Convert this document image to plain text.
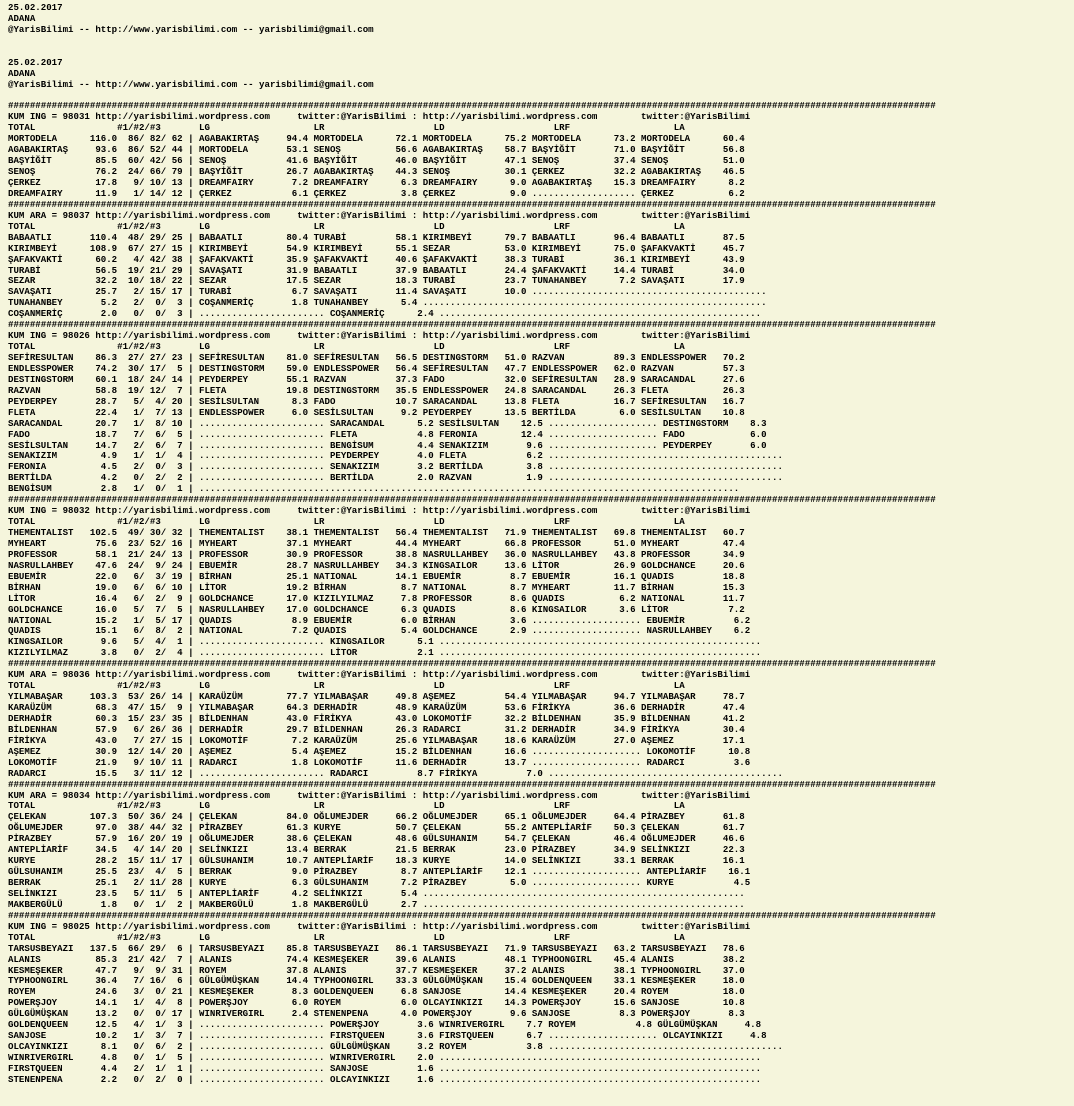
25.02.2017
ADANA
@YarisBilimi -- http://www.yarisbilimi.com -- yarisbilimi@gmail.com

25.02.2017
ADANA
@YarisBilimi -- http://www.yarisbilimi.com -- yarisbilimi@gmail.com

##########################################################################################################################################################################
KUM ING = 98031 http://yarisbilimi.wordpress.com     twitter:@YarisBilimi : http://yarisbilimi.wordpress.com        twitter:@YarisBilimi
TOTAL               #1/#2/#3       LG                   LR                    LD                    LRF                   LA
MORTODELA      116.0  86/ 82/ 62 | AGABAKIRTAŞ     94.4 MORTODELA      72.1 MORTODELA      75.2 MORTODELA      73.2 MORTODELA      60.4
AGABAKIRTAŞ     93.6  86/ 52/ 44 | MORTODELA       53.1 SENOŞ          56.6 AGABAKIRTAŞ    58.7 BAŞYİĞİT       71.0 BAŞYİĞİT       56.8
BAŞYİĞİT        85.5  60/ 42/ 56 | SENOŞ           41.6 BAŞYİĞİT       46.0 BAŞYİĞİT       47.1 SENOŞ          37.4 SENOŞ          51.0
SENOŞ           76.2  24/ 66/ 79 | BAŞYİĞİT        26.7 AGABAKIRTAŞ    44.3 SENOŞ          30.1 ÇERKEZ         32.2 AGABAKIRTAŞ    46.5
ÇERKEZ          17.8   9/ 10/ 13 | DREAMFAIRY       7.2 DREAMFAIRY      6.3 DREAMFAIRY      9.0 AGABAKIRTAŞ    15.3 DREAMFAIRY      8.2
DREAMFAIRY      11.9   1/ 14/ 12 | ÇERKEZ           6.1 ÇERKEZ          3.8 ÇERKEZ          9.0 ................... ÇERKEZ          6.2
##########################################################################################################################################################################
KUM ARA = 98037 http://yarisbilimi.wordpress.com     twitter:@YarisBilimi : http://yarisbilimi.wordpress.com        twitter:@YarisBilimi
TOTAL               #1/#2/#3       LG                   LR                    LD                    LRF                   LA
BABAATLI       110.4  48/ 29/ 25 | BABAATLI        80.4 TURABİ         58.1 KIRIMBEYİ      79.7 BABAATLI       96.4 BABAATLI       87.5
KIRIMBEYİ      108.9  67/ 27/ 15 | KIRIMBEYİ       54.9 KIRIMBEYİ      55.1 SEZAR          53.0 KIRIMBEYİ      75.0 ŞAFAKVAKTİ     45.7
ŞAFAKVAKTİ      60.2   4/ 42/ 38 | ŞAFAKVAKTİ      35.9 ŞAFAKVAKTİ     40.6 ŞAFAKVAKTİ     38.3 TURABİ         36.1 KIRIMBEYİ      43.9
TURABİ          56.5  19/ 21/ 29 | SAVAŞATI        31.9 BABAATLI       37.9 BABAATLI       24.4 ŞAFAKVAKTİ     14.4 TURABİ         34.0
SEZAR           32.2  10/ 18/ 22 | SEZAR           17.5 SEZAR          18.3 TURABİ         23.7 TUNAHANBEY      7.2 SAVAŞATI       17.9
SAVAŞATI        25.7   2/ 15/ 17 | TURABİ           6.7 SAVAŞATI       11.4 SAVAŞATI       10.0 ...........................................
TUNAHANBEY       5.2   2/  0/  3 | COŞANMERİÇ       1.8 TUNAHANBEY      5.4 ...............................................................
COŞANMERİÇ       2.0   0/  0/  3 | ....................... COŞANMERİÇ      2.4 ...........................................................
##########################################################################################################################################################################
KUM ING = 98026 http://yarisbilimi.wordpress.com     twitter:@YarisBilimi : http://yarisbilimi.wordpress.com        twitter:@YarisBilimi
TOTAL               #1/#2/#3       LG                   LR                    LD                    LRF                   LA
SEFİRESULTAN    86.3  27/ 27/ 23 | SEFİRESULTAN    81.0 SEFİRESULTAN   56.5 DESTINGSTORM   51.0 RAZVAN         89.3 ENDLESSPOWER   70.2
ENDLESSPOWER    74.2  30/ 17/  5 | DESTINGSTORM    59.0 ENDLESSPOWER   56.4 SEFİRESULTAN   47.7 ENDLESSPOWER   62.0 RAZVAN         57.3
DESTINGSTORM    60.1  18/ 24/ 14 | PEYDERPEY       55.1 RAZVAN         37.3 FADO           32.0 SEFİRESULTAN   28.9 SARACANDAL     27.6
RAZVAN          58.8  19/ 12/  7 | FLETA           19.8 DESTINGSTORM   35.5 ENDLESSPOWER   24.8 SARACANDAL     26.3 FLETA          26.3
PEYDERPEY       28.7   5/  4/ 20 | SESİLSULTAN      8.3 FADO           10.7 SARACANDAL     13.8 FLETA          16.7 SEFİRESULTAN   16.7
FLETA           22.4   1/  7/ 13 | ENDLESSPOWER     6.0 SESİLSULTAN     9.2 PEYDERPEY      13.5 BERTİLDA        6.0 SESİLSULTAN    10.8
SARACANDAL      20.7   1/  8/ 10 | ....................... SARACANDAL      5.2 SESİLSULTAN    12.5 .................... DESTINGSTORM    8.3
FADO            18.7   7/  6/  5 | ....................... FLETA           4.8 FERONIA        12.4 .................... FADO            6.0
SESİLSULTAN     14.7   2/  6/  7 | ....................... BENGİSUM        4.4 SENAKIZIM       9.6 .................... PEYDERPEY       6.0
SENAKIZIM        4.9   1/  1/  4 | ....................... PEYDERPEY       4.0 FLETA           6.2 ...........................................
FERONIA          4.5   2/  0/  3 | ....................... SENAKIZIM       3.2 BERTİLDA        3.8 ...........................................
BERTİLDA         4.2   0/  2/  2 | ....................... BERTİLDA        2.0 RAZVAN          1.9 ...........................................
BENGİSUM         2.8   1/  0/  1 | ...................................................................................................
##########################################################################################################################################################################
KUM ING = 98032 http://yarisbilimi.wordpress.com     twitter:@YarisBilimi : http://yarisbilimi.wordpress.com        twitter:@YarisBilimi
TOTAL               #1/#2/#3       LG                   LR                    LD                    LRF                   LA
THEMENTALIST   102.5  49/ 30/ 32 | THEMENTALIST    38.1 THEMENTALIST   56.4 THEMENTALIST   71.9 THEMENTALIST   69.8 THEMENTALIST   60.7
MYHEART         75.6  23/ 52/ 16 | MYHEART         37.1 MYHEART        44.4 MYHEART        66.8 PROFESSOR      51.0 MYHEART        47.4
PROFESSOR       58.1  21/ 24/ 13 | PROFESSOR       30.9 PROFESSOR      38.8 NASRULLAHBEY   36.0 NASRULLAHBEY   43.8 PROFESSOR      34.9
NASRULLAHBEY    47.6  24/  9/ 24 | EBUEMİR         28.7 NASRULLAHBEY   34.3 KINGSAILOR     13.6 LİTOR          26.9 GOLDCHANCE     20.6
EBUEMİR         22.0   6/  3/ 19 | BİRHAN          25.1 NATIONAL       14.1 EBUEMİR         8.7 EBUEMİR        16.1 QUADIS         18.8
BİRHAN          19.0   6/  6/ 10 | LİTOR           19.2 BİRHAN          8.7 NATIONAL        8.7 MYHEART        11.7 BİRHAN         15.3
LİTOR           16.4   6/  2/  9 | GOLDCHANCE      17.0 KIZILYILMAZ     7.8 PROFESSOR       8.6 QUADIS          6.2 NATIONAL       11.7
GOLDCHANCE      16.0   5/  7/  5 | NASRULLAHBEY    17.0 GOLDCHANCE      6.3 QUADIS          8.6 KINGSAILOR      3.6 LİTOR           7.2
NATIONAL        15.2   1/  5/ 17 | QUADIS           8.9 EBUEMİR         6.0 BİRHAN          3.6 .................... EBUEMİR         6.2
QUADIS          15.1   6/  8/  2 | NATIONAL         7.2 QUADIS          5.4 GOLDCHANCE      2.9 .................... NASRULLAHBEY    6.2
KINGSAILOR       9.6   5/  4/  1 | ....................... KINGSAILOR      5.1 ...........................................................
KIZILYILMAZ      3.8   0/  2/  4 | ....................... LİTOR           2.1 ...........................................................
##########################################################################################################################################################################
KUM ARA = 98036 http://yarisbilimi.wordpress.com     twitter:@YarisBilimi : http://yarisbilimi.wordpress.com        twitter:@YarisBilimi
TOTAL               #1/#2/#3       LG                   LR                    LD                    LRF                   LA
YILMABAŞAR     103.3  53/ 26/ 14 | KARAÜZÜM        77.7 YILMABAŞAR     49.8 AŞEMEZ         54.4 YILMABAŞAR     94.7 YILMABAŞAR     78.7
KARAÜZÜM        68.3  47/ 15/  9 | YILMABAŞAR      64.3 DERHADİR       48.9 KARAÜZÜM       53.6 FİRİKYA        36.6 DERHADİR       47.4
DERHADİR        60.3  15/ 23/ 35 | BİLDENHAN       43.0 FİRİKYA        43.0 LOKOMOTİF      32.2 BİLDENHAN      35.9 BİLDENHAN      41.2
BİLDENHAN       57.9   6/ 26/ 36 | DERHADİR        29.7 BİLDENHAN      26.3 RADARCI        31.2 DERHADİR       34.9 FİRİKYA        30.4
FİRİKYA         43.0   7/ 27/ 15 | LOKOMOTİF        7.2 KARAÜZÜM       25.6 YILMABAŞAR     18.6 KARAÜZÜM       27.0 AŞEMEZ         17.1
AŞEMEZ          30.9  12/ 14/ 20 | AŞEMEZ           5.4 AŞEMEZ         15.2 BİLDENHAN      16.6 .................... LOKOMOTİF      10.8
LOKOMOTİF       21.9   9/ 10/ 11 | RADARCI          1.8 LOKOMOTİF      11.6 DERHADİR       13.7 .................... RADARCI         3.6
RADARCI         15.5   3/ 11/ 12 | ....................... RADARCI         8.7 FİRİKYA         7.0 ...........................................
##########################################################################################################################################################################
KUM ARA = 98034 http://yarisbilimi.wordpress.com     twitter:@YarisBilimi : http://yarisbilimi.wordpress.com        twitter:@YarisBilimi
TOTAL               #1/#2/#3       LG                   LR                    LD                    LRF                   LA
ÇELEKAN        107.3  50/ 36/ 24 | ÇELEKAN         84.0 OĞLUMEJDER     66.2 OĞLUMEJDER     65.1 OĞLUMEJDER     64.4 PİRAZBEY       61.8
OĞLUMEJDER      97.0  38/ 44/ 32 | PİRAZBEY        61.3 KURYE          50.7 ÇELEKAN        55.2 ANTEPLİARİF    50.3 ÇELEKAN        61.7
PİRAZBEY        57.9  16/ 20/ 19 | OĞLUMEJDER      38.6 ÇELEKAN        48.6 GÜLSUHANIM     54.7 ÇELEKAN        46.4 OĞLUMEJDER     46.6
ANTEPLİARİF     34.5   4/ 14/ 20 | SELİNKIZI       13.4 BERRAK         21.5 BERRAK         23.0 PİRAZBEY       34.9 SELİNKIZI      22.3
KURYE           28.2  15/ 11/ 17 | GÜLSUHANIM      10.7 ANTEPLİARİF    18.3 KURYE          14.0 SELİNKIZI      33.1 BERRAK         16.1
GÜLSUHANIM      25.5  23/  4/  5 | BERRAK           9.0 PİRAZBEY        8.7 ANTEPLİARİF    12.1 .................... ANTEPLİARİF    16.1
BERRAK          25.1   2/ 11/ 28 | KURYE            6.3 GÜLSUHANIM      7.2 PİRAZBEY        5.0 .................... KURYE           4.5
SELİNKIZI       23.5   5/ 11/  5 | ANTEPLİARİF      4.2 SELİNKIZI       5.4 ...........................................................
MAKBERGÜLÜ       1.8   0/  1/  2 | MAKBERGÜLÜ       1.8 MAKBERGÜLÜ      2.7 ...........................................................
##########################################################################################################################################################################
KUM ING = 98025 http://yarisbilimi.wordpress.com     twitter:@YarisBilimi : http://yarisbilimi.wordpress.com        twitter:@YarisBilimi
TOTAL               #1/#2/#3       LG                   LR                    LD                    LRF                   LA
TARSUSBEYAZI   137.5  66/ 29/  6 | TARSUSBEYAZI    85.8 TARSUSBEYAZI   86.1 TARSUSBEYAZI   71.9 TARSUSBEYAZI   63.2 TARSUSBEYAZI   78.6
ALANIS          85.3  21/ 42/  7 | ALANIS          74.4 KESMEŞEKER     39.6 ALANIS         48.1 TYPHOONGIRL    45.4 ALANIS         38.2
KESMEŞEKER      47.7   9/  9/ 31 | ROYEM           37.8 ALANIS         37.7 KESMEŞEKER     37.2 ALANIS         38.1 TYPHOONGIRL    37.0
TYPHOONGIRL     36.4   7/ 16/  6 | GÜLGÜMÜŞKAN     14.4 TYPHOONGIRL    33.3 GÜLGÜMÜŞKAN    15.4 GOLDENQUEEN    33.1 KESMEŞEKER     18.0
ROYEM           24.6   3/  0/ 21 | KESMEŞEKER       8.3 GOLDENQUEEN     6.8 SANJOSE        14.4 KESMEŞEKER     20.4 ROYEM          18.0
POWERŞJOY       14.1   1/  4/  8 | POWERŞJOY        6.0 ROYEM           6.0 OLCAYINKIZI    14.3 POWERŞJOY      15.6 SANJOSE        10.8
GÜLGÜMÜŞKAN     13.2   0/  0/ 17 | WINRIVERGIRL     2.4 STENENPENA      4.0 POWERŞJOY       9.6 SANJOSE         8.3 POWERŞJOY       8.3
GOLDENQUEEN     12.5   4/  1/  3 | ....................... POWERŞJOY       3.6 WINRIVERGIRL    7.7 ROYEM           4.8 GÜLGÜMÜŞKAN     4.8
SANJOSE         10.2   1/  3/  7 | ....................... FIRSTQUEEN      3.6 FIRSTQUEEN      6.7 .................... OLCAYINKIZI     4.8
OLCAYINKIZI      8.1   0/  6/  2 | ....................... GÜLGÜMÜŞKAN     3.2 ROYEM           3.8 ...........................................
WINRIVERGIRL     4.8   0/  1/  5 | ....................... WINRIVERGIRL    2.0 ...........................................................
FIRSTQUEEN       4.4   2/  1/  1 | ....................... SANJOSE         1.6 ...........................................................
STENENPENA       2.2   0/  2/  0 | ....................... OLCAYINKIZI     1.6 ...........................................................
